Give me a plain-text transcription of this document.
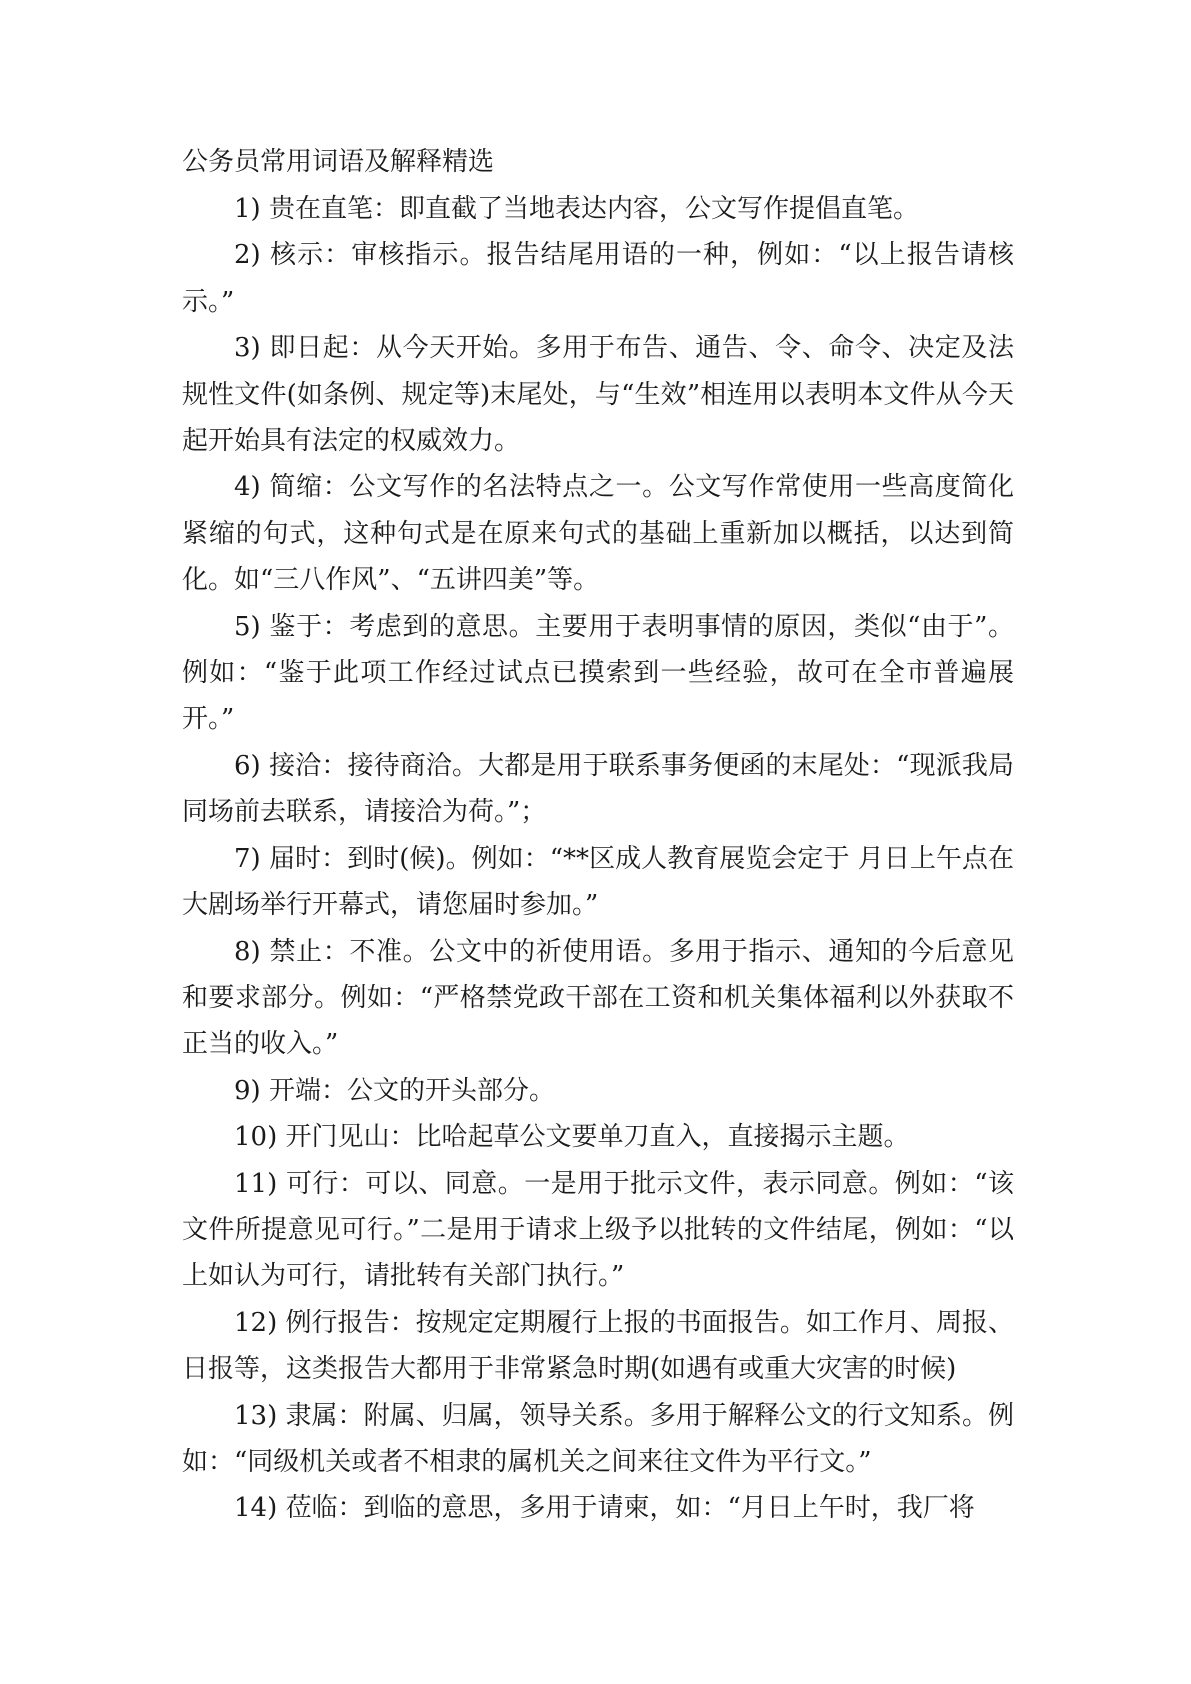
公务员常用词语及解释精选

1) 贵在直笔：即直截了当地表达内容，公文写作提倡直笔。

2) 核示：审核指示。报告结尾用语的一种，例如：“以上报告请核示。”

3) 即日起：从今天开始。多用于布告、通告、令、命令、决定及法规性文件(如条例、规定等)末尾处，与“生效”相连用以表明本文件从今天起开始具有法定的权威效力。

4) 简缩：公文写作的名法特点之一。公文写作常使用一些高度简化紧缩的句式，这种句式是在原来句式的基础上重新加以概括，以达到简化。如“三八作风”、“五讲四美”等。

5) 鉴于：考虑到的意思。主要用于表明事情的原因，类似“由于”。例如：“鉴于此项工作经过试点已摸索到一些经验，故可在全市普遍展开。”

6) 接洽：接待商洽。大都是用于联系事务便函的末尾处：“现派我局同场前去联系，请接洽为荷。”；

7) 届时：到时(候)。例如：“**区成人教育展览会定于 月日上午点在大剧场举行开幕式，请您届时参加。”

8) 禁止：不准。公文中的祈使用语。多用于指示、通知的今后意见和要求部分。例如：“严格禁党政干部在工资和机关集体福利以外获取不正当的收入。”

9) 开端：公文的开头部分。

10) 开门见山：比哈起草公文要单刀直入，直接揭示主题。

11) 可行：可以、同意。一是用于批示文件，表示同意。例如：“该文件所提意见可行。”二是用于请求上级予以批转的文件结尾，例如：“以上如认为可行，请批转有关部门执行。”

12) 例行报告：按规定定期履行上报的书面报告。如工作月、周报、日报等，这类报告大都用于非常紧急时期(如遇有或重大灾害的时候)

13) 隶属：附属、归属，领导关系。多用于解释公文的行文知系。例如：“同级机关或者不相隶的属机关之间来往文件为平行文。”

14) 莅临：到临的意思，多用于请柬，如：“月日上午时，我厂将
